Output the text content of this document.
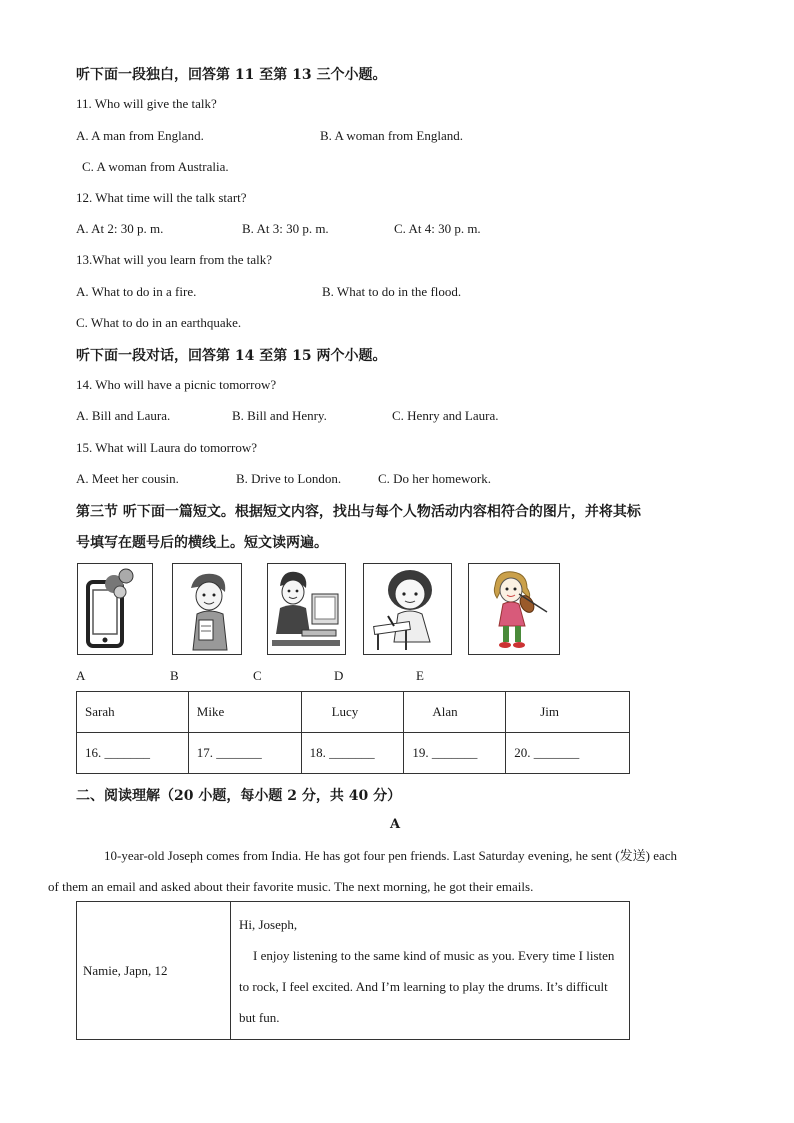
听下面一段独白，回答第 11 至第 13 三个小题。
11. Who will give the talk?
A. A man from England.	B. A woman from England.
C. A woman from Australia.
12. What time will the talk start?
A. At 2: 30 p. m.	B. At 3: 30 p. m.	C. At 4: 30 p. m.
13.What will you learn from the talk?
A. What to do in a fire.	B. What to do in the flood.
C. What to do in an earthquake.
听下面一段对话，回答第 14 至第 15 两个小题。
14. Who will have a picnic tomorrow?
A. Bill and Laura.	B. Bill and Henry.	C. Henry and Laura.
15. What will Laura do tomorrow?
A. Meet her cousin.	B. Drive to London.	C. Do her homework.
第三节 听下面一篇短文。根据短文内容，找出与每个人物活动内容相符合的图片，并将其标
号填写在题号后的横线上。短文读两遍。
A	B	C	D	E
Sarah	Mike	Lucy	Alan	Jim
16. _______	17. _______	18. _______	19. _______	20. _______
二、阅读理解（20 小题，每小题 2 分，共 40 分）
A
10-year-old Joseph comes from India. He has got four pen friends. Last Saturday evening, he sent (发送) each
of them an email and asked about their favorite music. The next morning, he got their emails.
Namie, Japn, 12	
Hi, Joseph,
I enjoy listening to the same kind of music as you. Every time I listen
to rock, I feel excited. And I’m learning to play the drums. It’s difficult
but fun.
